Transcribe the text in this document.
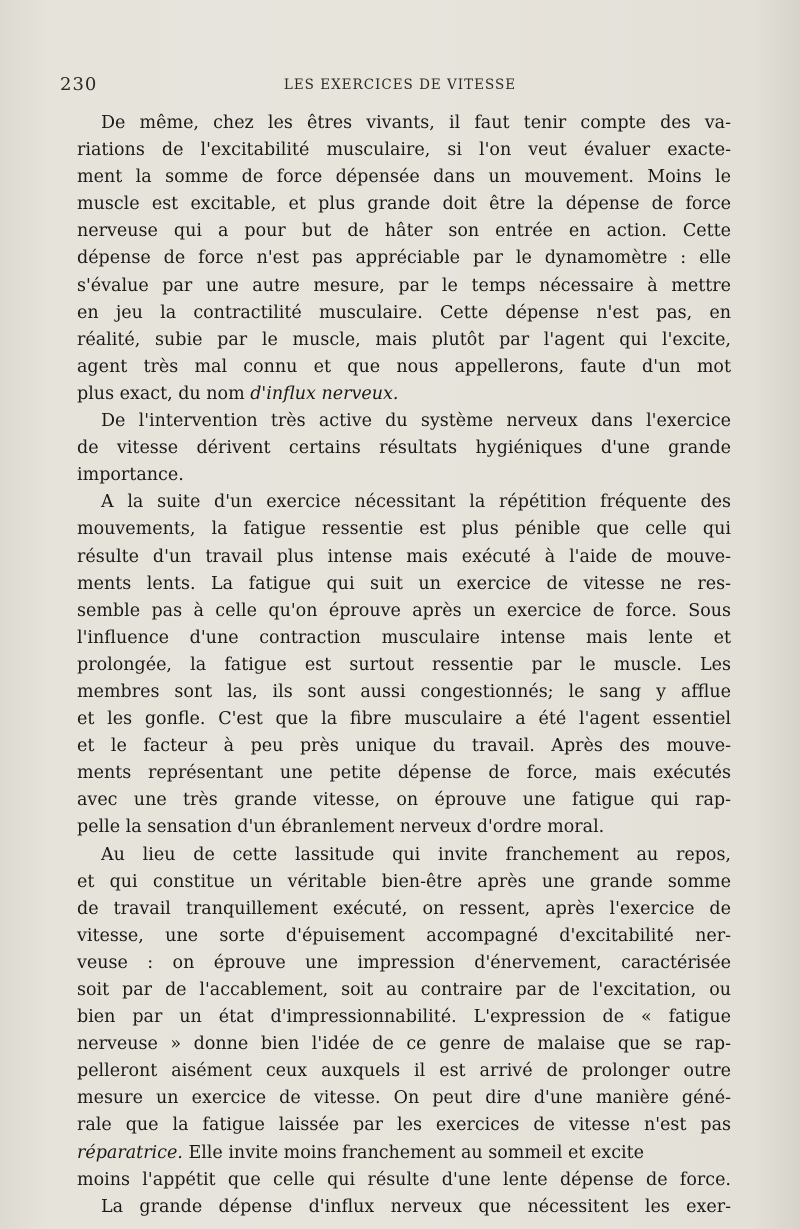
230	LES EXERCICES DE VITESSE
De même, chez les êtres vivants, il faut tenir compte des va-
riations de l'excitabilité musculaire, si l'on veut évaluer exacte-
ment la somme de force dépensée dans un mouvement. Moins le
muscle est excitable, et plus grande doit être la dépense de force
nerveuse qui a pour but de hâter son entrée en action. Cette
dépense de force n'est pas appréciable par le dynamomètre : elle
s'évalue par une autre mesure, par le temps nécessaire à mettre
en jeu la contractilité musculaire. Cette dépense n'est pas, en
réalité, subie par le muscle, mais plutôt par l'agent qui l'excite,
agent très mal connu et que nous appellerons, faute d'un mot
plus exact, du nom d'influx nerveux.
De l'intervention très active du système nerveux dans l'exercice
de vitesse dérivent certains résultats hygiéniques d'une grande
importance.
A la suite d'un exercice nécessitant la répétition fréquente des
mouvements, la fatigue ressentie est plus pénible que celle qui
résulte d'un travail plus intense mais exécuté à l'aide de mouve-
ments lents. La fatigue qui suit un exercice de vitesse ne res-
semble pas à celle qu'on éprouve après un exercice de force. Sous
l'influence d'une contraction musculaire intense mais lente et
prolongée, la fatigue est surtout ressentie par le muscle. Les
membres sont las, ils sont aussi congestionnés; le sang y afflue
et les gonfle. C'est que la fibre musculaire a été l'agent essentiel
et le facteur à peu près unique du travail. Après des mouve-
ments représentant une petite dépense de force, mais exécutés
avec une très grande vitesse, on éprouve une fatigue qui rap-
pelle la sensation d'un ébranlement nerveux d'ordre moral.
Au lieu de cette lassitude qui invite franchement au repos,
et qui constitue un véritable bien-être après une grande somme
de travail tranquillement exécuté, on ressent, après l'exercice de
vitesse, une sorte d'épuisement accompagné d'excitabilité ner-
veuse : on éprouve une impression d'énervement, caractérisée
soit par de l'accablement, soit au contraire par de l'excitation, ou
bien par un état d'impressionnabilité. L'expression de « fatigue
nerveuse » donne bien l'idée de ce genre de malaise que se rap-
pelleront aisément ceux auxquels il est arrivé de prolonger outre
mesure un exercice de vitesse. On peut dire d'une manière géné-
rale que la fatigue laissée par les exercices de vitesse n'est pas
réparatrice. Elle invite moins franchement au sommeil et excite
moins l'appétit que celle qui résulte d'une lente dépense de force.
La grande dépense d'influx nerveux que nécessitent les exer-
